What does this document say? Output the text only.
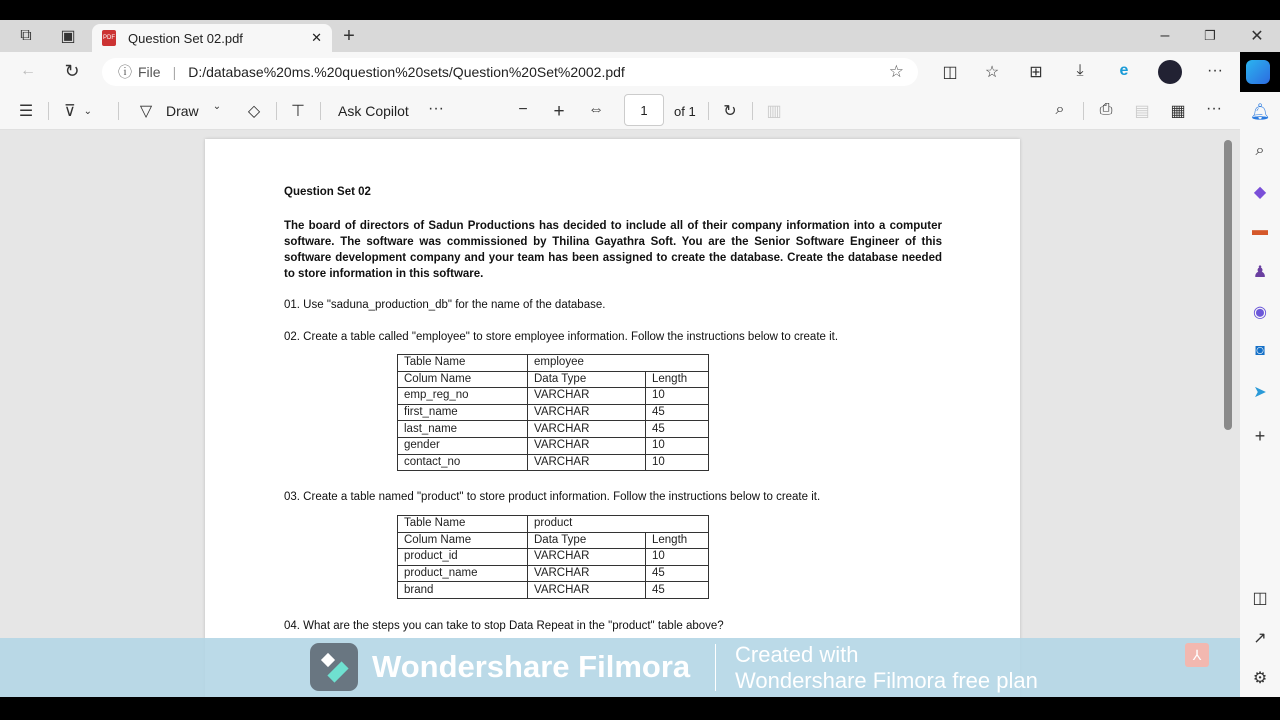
⧉ ▣	+	–	❐ ✕
PDF Question Set 02.pdf	✕
← ↻	◫ ☆ ⊞	⤓	e	···
ⓘ File | D:/database%20ms.%20question%20sets/Question%20Set%2002.pdf	☆
☰	⊽ ⌄	▽ Draw ⌄ ◇ ⊤ Ask Copilot ···	− + ⇔	1	of 1 ↻ ▥	⌕	⎙ ▤ ▦ ···
Question Set 02
The board of directors of Sadun Productions has decided to include all of their company information into a computer software. The software was commissioned by Thilina Gayathra Soft. You are the Senior Software Engineer of this software development company and your team has been assigned to create the database. Create the database needed to store information in this software.
01. Use "saduna_production_db" for the name of the database.
02. Create a table called "employee" to store employee information. Follow the instructions below to create it.
Table Name	employee	
Colum Name	Data Type	Length
emp_reg_no	VARCHAR	10
first_name	VARCHAR	45
last_name	VARCHAR	45
gender	VARCHAR	10
contact_no	VARCHAR	10
03. Create a table named "product" to store product information. Follow the instructions below to create it.
Table Name	product	
Colum Name	Data Type	Length
product_id	VARCHAR	10
product_name	VARCHAR	45
brand	VARCHAR	45
04. What are the steps you can take to stop Data Repeat in the "product" table above?
🔔︎
⌕
◆
▬
♟
◉
◙
➤
+
◫
↗
⚙
Wondershare Filmora Created with
Wondershare Filmora free plan
⅄
